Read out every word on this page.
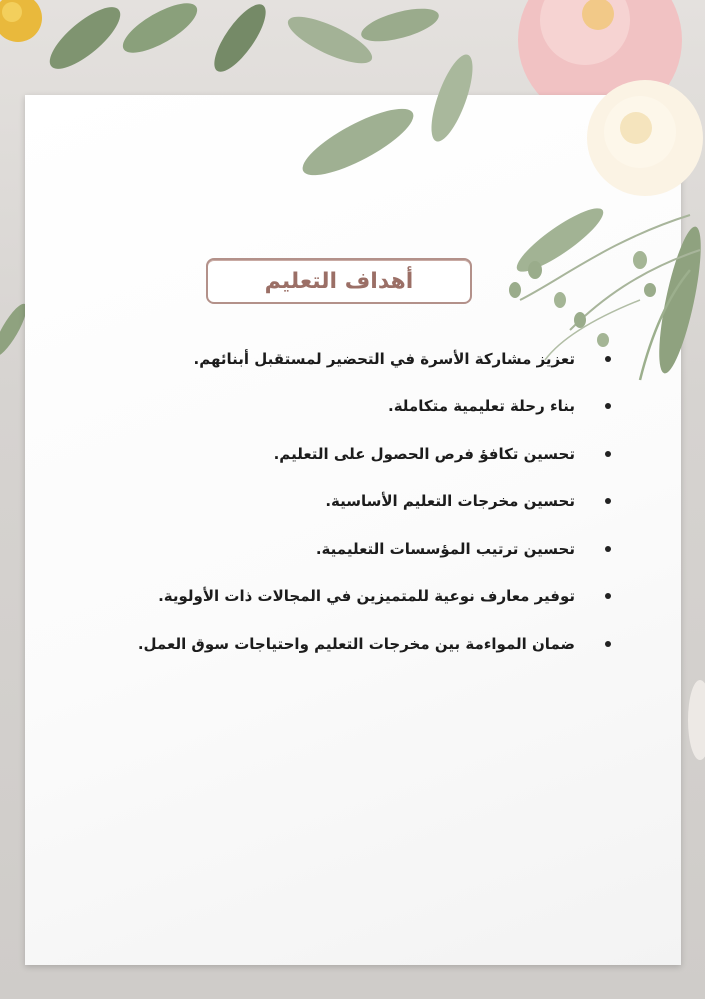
أهداف التعليم
تعزيز مشاركة الأسرة في التحضير لمستقبل أبنائهم.
بناء رحلة تعليمية متكاملة.
تحسين تكافؤ فرص الحصول على التعليم.
تحسين مخرجات التعليم الأساسية.
تحسين ترتيب المؤسسات التعليمية.
توفير معارف نوعية للمتميزين في المجالات ذات الأولوية.
ضمان المواءمة بين مخرجات التعليم واحتياجات سوق العمل.
